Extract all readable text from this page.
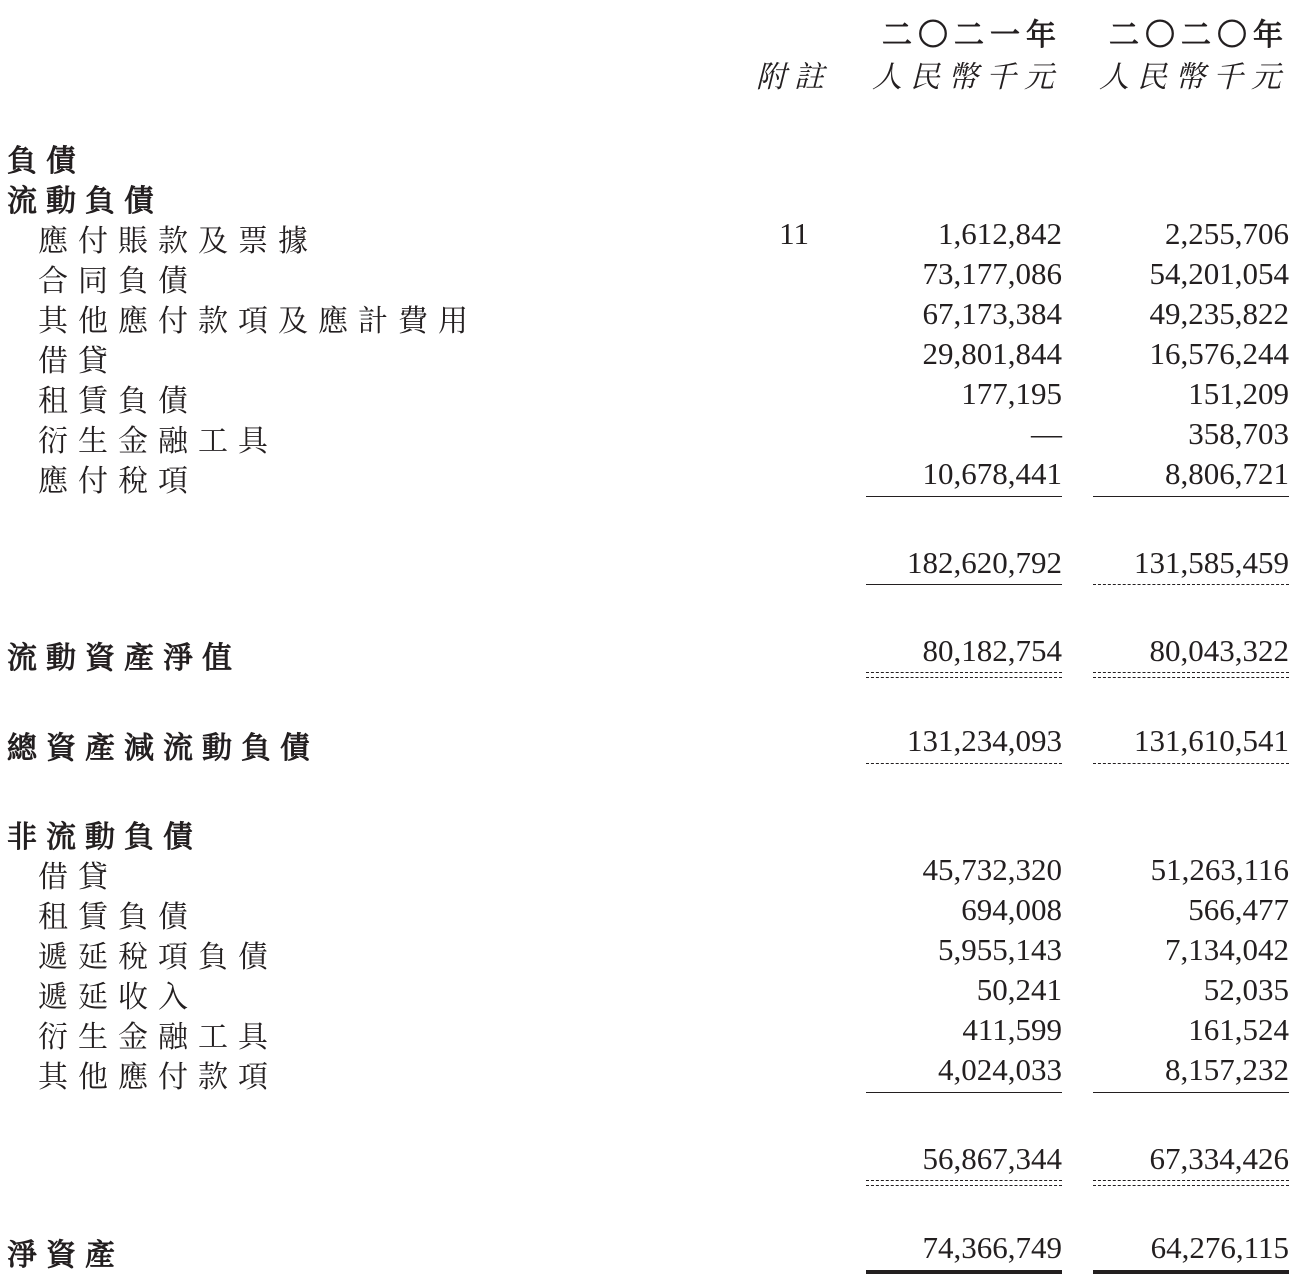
二〇二一年 二〇二〇年
附註 人民幣千元 人民幣千元
負債
流動負債
應付賬款及票據	11	1,612,842	2,255,706
合同負債	73,177,086	54,201,054
其他應付款項及應計費用	67,173,384	49,235,822
借貸	29,801,844	16,576,244
租賃負債	177,195	151,209
衍生金融工具	—	358,703
應付稅項	10,678,441	8,806,721
182,620,792 131,585,459
流動資產淨值	80,182,754	80,043,322
總資產減流動負債	131,234,093 131,610,541
非流動負債
借貸	45,732,320	51,263,116
租賃負債	694,008	566,477
遞延稅項負債	5,955,143	7,134,042
遞延收入	50,241	52,035
衍生金融工具	411,599	161,524
其他應付款項	4,024,033	8,157,232
56,867,344	67,334,426
淨資產	74,366,749	64,276,115
